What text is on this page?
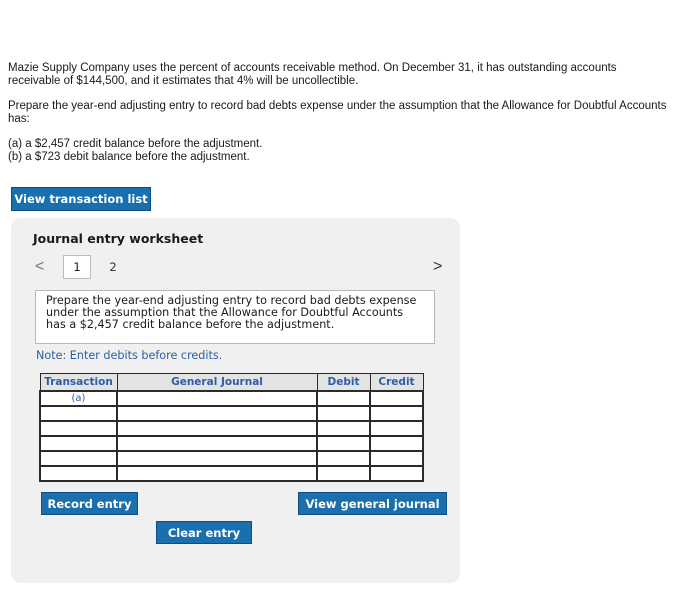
Mazie Supply Company uses the percent of accounts receivable method. On December 31, it has outstanding accounts receivable of $144,500, and it estimates that 4% will be uncollectible.

Prepare the year-end adjusting entry to record bad debts expense under the assumption that the Allowance for Doubtful Accounts has:

(a) a $2,457 credit balance before the adjustment.
(b) a $723 debit balance before the adjustment.
View transaction list
Journal entry worksheet
<	1	2	>
Prepare the year-end adjusting entry to record bad debts expense under the assumption that the Allowance for Doubtful Accounts has a $2,457 credit balance before the adjustment.
Note: Enter debits before credits.
Transaction	General Journal	Debit	Credit
(a)			

Record entry
Clear entry
View general journal
